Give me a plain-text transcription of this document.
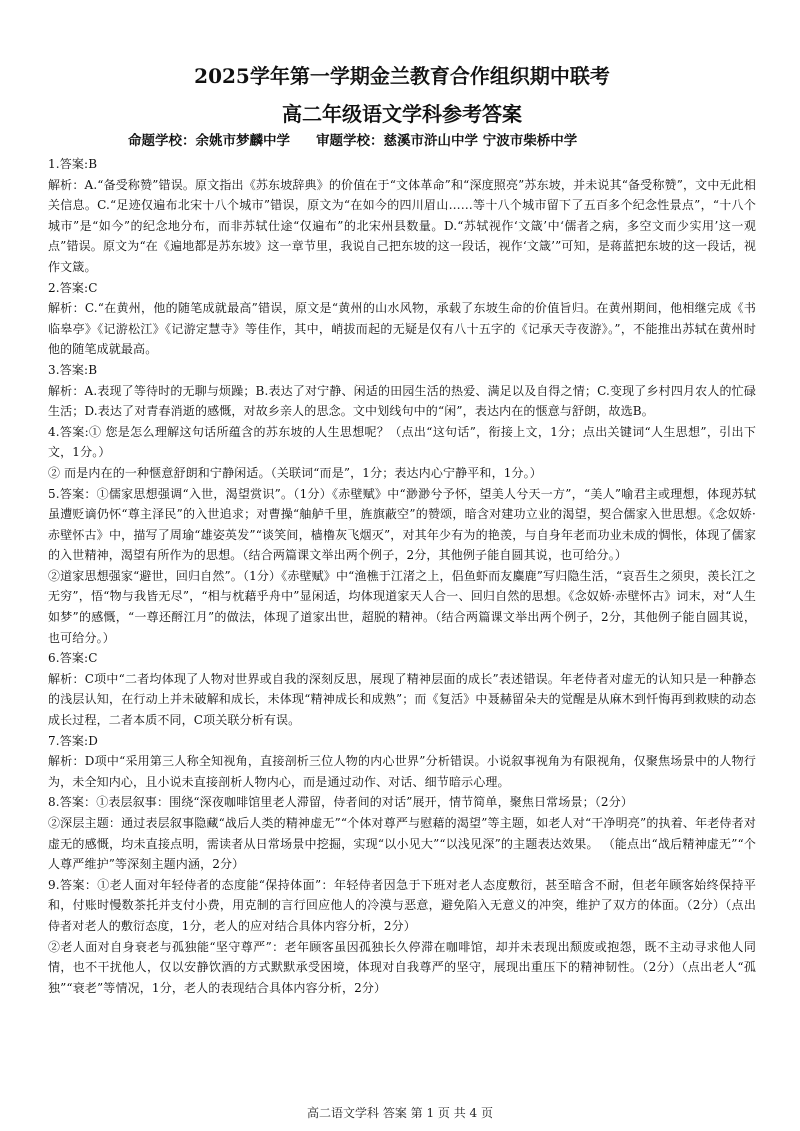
2025学年第一学期金兰教育合作组织期中联考
高二年级语文学科参考答案
命题学校：余姚市梦麟中学 审题学校：慈溪市浒山中学 宁波市柴桥中学

1.答案:B

解析：A.“备受称赞”错误。原文指出《苏东坡辞典》的价值在于“文体革命”和“深度照亮”苏东坡，并未说其“备受称赞”，文中无此相关信息。C.“足迹仅遍布北宋十八个城市”错误，原文为“在如今的四川眉山……等十八个城市留下了五百多个纪念性景点”，“十八个城市”是“如今”的纪念地分布，而非苏轼仕途“仅遍布”的北宋州县数量。D.“苏轼视作‘文箴’中‘儒者之病，多空文而少实用’这一观点”错误。原文为“在《遍地都是苏东坡》这一章节里，我说自己把东坡的这一段话，视作‘文箴’”可知，是蒋蓝把东坡的这一段话，视作文箴。

2.答案:C

解析：C.“在黄州，他的随笔成就最高”错误，原文是“黄州的山水风物，承载了东坡生命的价值旨归。在黄州期间，他相继完成《书临皋亭》《记游松江》《记游定慧寺》等佳作，其中，峭拔而起的无疑是仅有八十五字的《记承天寺夜游》。”，不能推出苏轼在黄州时他的随笔成就最高。

3.答案:B

解析：A.表现了等待时的无聊与烦躁；B.表达了对宁静、闲适的田园生活的热爱、满足以及自得之情；C.变现了乡村四月农人的忙碌生活；D.表达了对青春消逝的感慨，对故乡亲人的思念。文中划线句中的“闲”，表达内在的惬意与舒朗，故选B。

4.答案:① 您是怎么理解这句话所蕴含的苏东坡的人生思想呢？（点出“这句话”，衔接上文，1分；点出关键词“人生思想”，引出下文，1分。）

② 而是内在的一种惬意舒朗和宁静闲适。（关联词“而是”，1分；表达内心宁静平和，1分。）

5.答案：①儒家思想强调“入世，渴望赏识”。（1分）《赤壁赋》中“渺渺兮予怀，望美人兮天一方”，“美人”喻君主或理想，体现苏轼虽遭贬谪仍怀“尊主泽民”的入世追求；对曹操“舳舻千里，旌旗蔽空”的赞颂，暗含对建功立业的渴望，契合儒家入世思想。《念奴娇·赤壁怀古》中，描写了周瑜“雄姿英发”“谈笑间，樯橹灰飞烟灭”，对其年少有为的艳羡，与自身年老而功业未成的惆怅，体现了儒家的入世精神，渴望有所作为的思想。（结合两篇课文举出两个例子，2分，其他例子能自圆其说，也可给分。）

②道家思想强家“避世，回归自然”。（1分）《赤壁赋》中“渔樵于江渚之上，侣鱼虾而友麋鹿”写归隐生活，“哀吾生之须臾，羡长江之无穷”，悟“物与我皆无尽”，“相与枕藉乎舟中”显闲适，均体现道家天人合一、回归自然的思想。《念奴娇·赤壁怀古》词末，对“人生如梦”的感慨，“一尊还酹江月”的做法，体现了道家出世，超脱的精神。（结合两篇课文举出两个例子，2分，其他例子能自圆其说，也可给分。）

6.答案:C

解析：C项中“二者均体现了人物对世界或自我的深刻反思，展现了精神层面的成长”表述错误。年老侍者对虚无的认知只是一种静态的浅层认知，在行动上并未破解和成长，未体现“精神成长和成熟”；而《复活》中聂赫留朵夫的觉醒是从麻木到忏悔再到救赎的动态成长过程，二者本质不同，C项关联分析有误。

7.答案:D

解析：D项中“采用第三人称全知视角，直接剖析三位人物的内心世界”分析错误。小说叙事视角为有限视角，仅聚焦场景中的人物行为，未全知内心，且小说未直接剖析人物内心，而是通过动作、对话、细节暗示心理。

8.答案：①表层叙事：围绕“深夜咖啡馆里老人滞留，侍者间的对话”展开，情节简单，聚焦日常场景；（2分）

②深层主题：通过表层叙事隐藏“战后人类的精神虚无”“个体对尊严与慰藉的渴望”等主题，如老人对“干净明亮”的执着、年老侍者对虚无的感慨，均未直接点明，需读者从日常场景中挖掘，实现“以小见大”“以浅见深”的主题表达效果。 （能点出“战后精神虚无”“个人尊严维护”等深刻主题内涵，2分）

9.答案：①老人面对年轻侍者的态度能“保持体面”：年轻侍者因急于下班对老人态度敷衍，甚至暗含不耐，但老年顾客始终保持平和，付账时慢数茶托并支付小费，用克制的言行回应他人的冷漠与恶意，避免陷入无意义的冲突，维护了双方的体面。（2分）（点出侍者对老人的敷衍态度，1分，老人的应对结合具体内容分析，2分）

②老人面对自身衰老与孤独能“坚守尊严”：老年顾客虽因孤独长久停滞在咖啡馆，却并未表现出颓废或抱怨，既不主动寻求他人同情，也不干扰他人，仅以安静饮酒的方式默默承受困境，体现对自我尊严的坚守，展现出重压下的精神韧性。（2分）（点出老人“孤独”“衰老”等情况，1分，老人的表现结合具体内容分析，2分）

高二语文学科 答案 第 1 页 共 4 页
